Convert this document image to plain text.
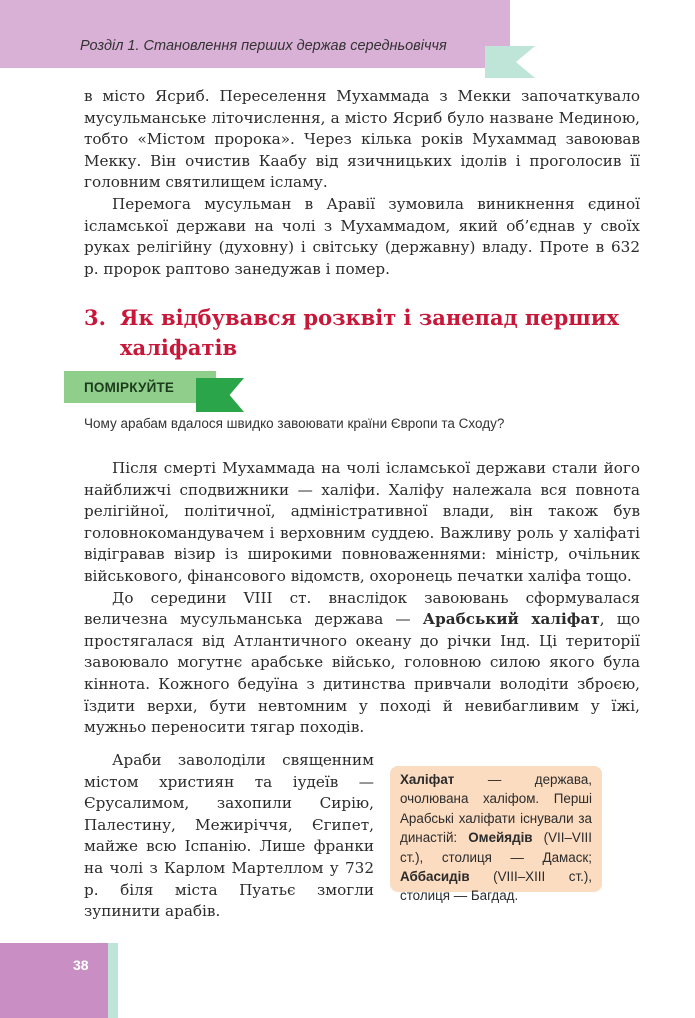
Розділ 1. Становлення перших держав середньовіччя

в місто Ясриб. Переселення Мухаммада з Мекки започаткувало мусульманське літочислення, а місто Ясриб було назване Мединою, тобто «Містом пророка». Через кілька років Мухаммад завоював Мекку. Він очистив Каабу від язичницьких ідолів і проголосив її головним святилищем ісламу.

Перемога мусульман в Аравії зумовила виникнення єдиної ісламської держави на чолі з Мухаммадом, який об’єднав у своїх руках релігійну (духовну) і світську (державну) владу. Проте в 632 р. пророк раптово занедужав і помер.

3. Як відбувався розквіт і занепад перших
халіфатів
ПОМІРКУЙТЕ
Чому арабам вдалося швидко завоювати країни Європи та Сходу?

Після смерті Мухаммада на чолі ісламської держави стали його найближчі сподвижники — халіфи. Халіфу належала вся повнота релігійної, політичної, адміністративної влади, він також був головнокомандувачем і верховним суддею. Важливу роль у халіфаті відігравав візир із широкими повноваженнями: міністр, очільник військового, фінансового відомств, охоронець печатки халіфа тощо.

До середини VIII ст. внаслідок завоювань сформувалася величезна мусульманська держава — Арабський халіфат, що простягалася від Атлантичного океану до річки Інд. Ці території завоювало могутнє арабське військо, головною силою якого була кіннота. Кожного бедуїна з дитинства привчали володіти зброєю, їздити верхи, бути невтомним у поході й невибагливим у їжі, мужньо переносити тягар походів.

Араби заволоділи священним містом християн та іудеїв — Єрусалимом, захопили Сирію, Палестину, Межиріччя, Єгипет, майже всю Іспанію. Лише франки на чолі з Карлом Мартеллом у 732 р. біля міста Пуатьє змогли зупинити арабів.

Халіфат — держава, очолювана халіфом. Перші Арабські халіфати існували за династій: Омейядів (VII–VIII ст.), столиця — Дамаск; Аббасидів (VIII–XIII ст.), столиця — Багдад.
38
